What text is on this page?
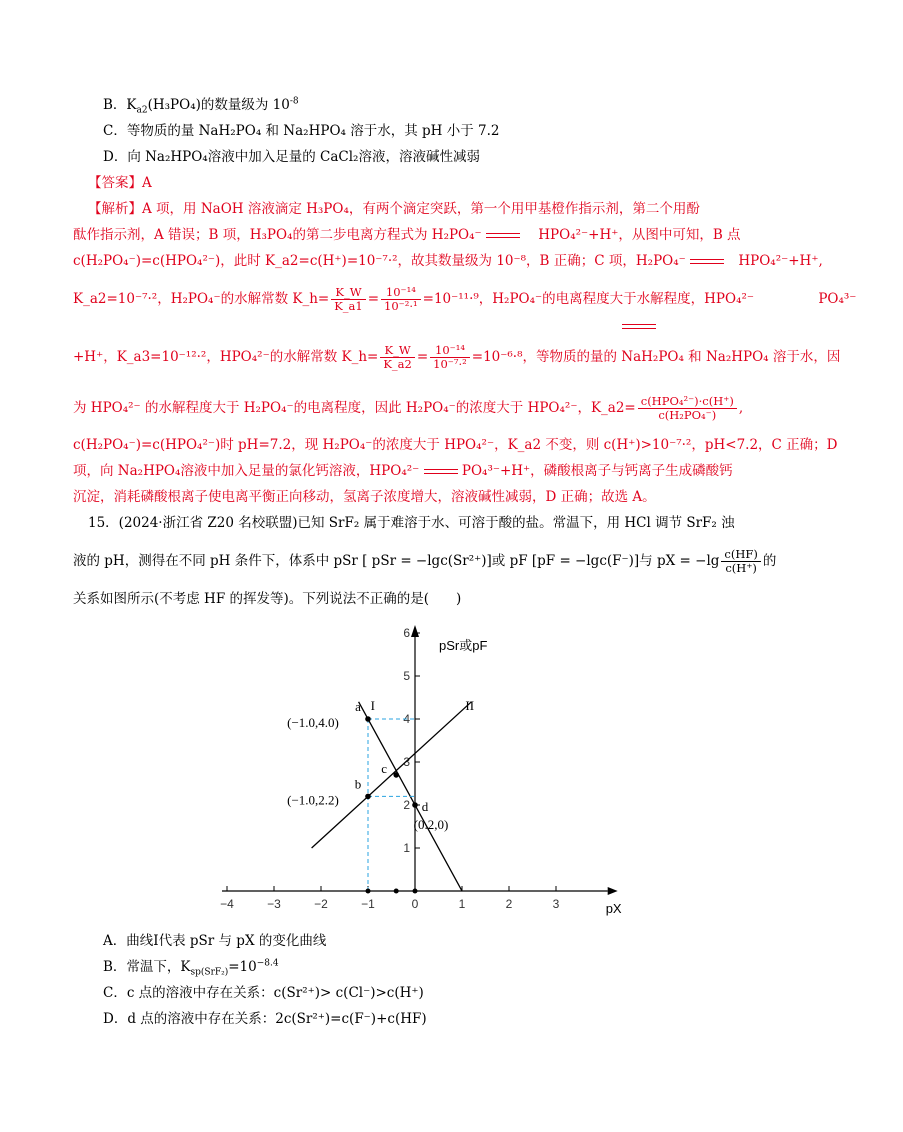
B．$K_{a2}(H_3PO_4)$的数量级为 $10^{-8}$
C．等物质的量 NaH₂PO₄ 和 Na₂HPO₄ 溶于水，其 pH 小于 7.2
D．向 Na₂HPO₄溶液中加入足量的 CaCl₂溶液，溶液碱性减弱
【答案】A
【解析】A 项，用 NaOH 溶液滴定 H₃PO₄，有两个滴定突跃，第一个用甲基橙作指示剂，第二个用酚
酞作指示剂，A 错误；B 项，H₃PO₄的第二步电离方程式为 H₂PO₄⁻	HPO₄²⁻+H⁺，从图中可知，B 点
c(H₂PO₄⁻)=c(HPO₄²⁻)，此时 K_a2=c(H⁺)=10⁻⁷·²，故其数量级为 10⁻⁸，B 正确；C 项，H₂PO₄⁻	HPO₄²⁻+H⁺,
K_a2=10⁻⁷·²，H₂PO₄⁻的水解常数 K_h= $\frac{K\_W}{K\_a1} = \frac{\text{10⁻¹⁴}}{\text{10⁻²·¹}} =10^{-11}\cdot^9$，H₂PO₄⁻的电离程度大于水解程度，HPO₄²⁻	PO₄³⁻
+H⁺，K_a3=10⁻¹²·²，HPO₄²⁻的水解常数 K_h= $\frac{K\_W}{K\_a2} = \frac{\text{10⁻¹⁴}}{\text{10⁻⁷·²}} =10^{-6}\cdot^8$，等物质的量的 NaH₂PO₄ 和 Na₂HPO₄ 溶于水，因
为 HPO₄²⁻ 的水解程度大于 H₂PO₄⁻的电离程度，因此 H₂PO₄⁻的浓度大于 HPO₄²⁻，K_a2= $\frac{\text{c(HPO₄²⁻)·c(H⁺)}}{\text{c(H₂PO₄⁻)}}$ ,
c(H₂PO₄⁻)=c(HPO₄²⁻)时 pH=7.2，现 H₂PO₄⁻的浓度大于 HPO₄²⁻，K_a2 不变，则 c(H⁺)>10⁻⁷·²，pH<7.2，C 正确；D
项，向 Na₂HPO₄溶液中加入足量的氯化钙溶液，HPO₄²⁻	PO₄³⁻+H⁺，磷酸根离子与钙离子生成磷酸钙
沉淀，消耗磷酸根离子使电离平衡正向移动，氢离子浓度增大，溶液碱性减弱，D 正确；故选 A。
15．(2024·浙江省 Z20 名校联盟)已知 SrF₂ 属于难溶于水、可溶于酸的盐。常温下，用 HCl 调节 SrF₂ 浊
液的 pH，测得在不同 pH 条件下，体系中 pSr [ pSr = −lgc(Sr²⁺)]或 pF [pF = −lgc(F⁻)]与 pX = $-\lg \frac{c(HF)}{c(H^+)}$ 的
关系如图所示(不考虑 HF 的挥发等)。下列说法不正确的是(　　)
−4	−3	−2	−1	0	1	2	3
1
2
3
4
5
6
I	II
a
(−1.0,4.0)
b
(−1.0,2.2)
c
d
(0.2,0)
pX
pSr或pF
A．曲线Ⅰ代表 pSr 与 pX 的变化曲线
B．常温下，$K_{sp(SrF_2)}=10^{-8.4}$
C．c 点的溶液中存在关系：c(Sr²⁺)> c(Cl⁻)>c(H⁺)
D．d 点的溶液中存在关系：2c(Sr²⁺)=c(F⁻)+c(HF)
